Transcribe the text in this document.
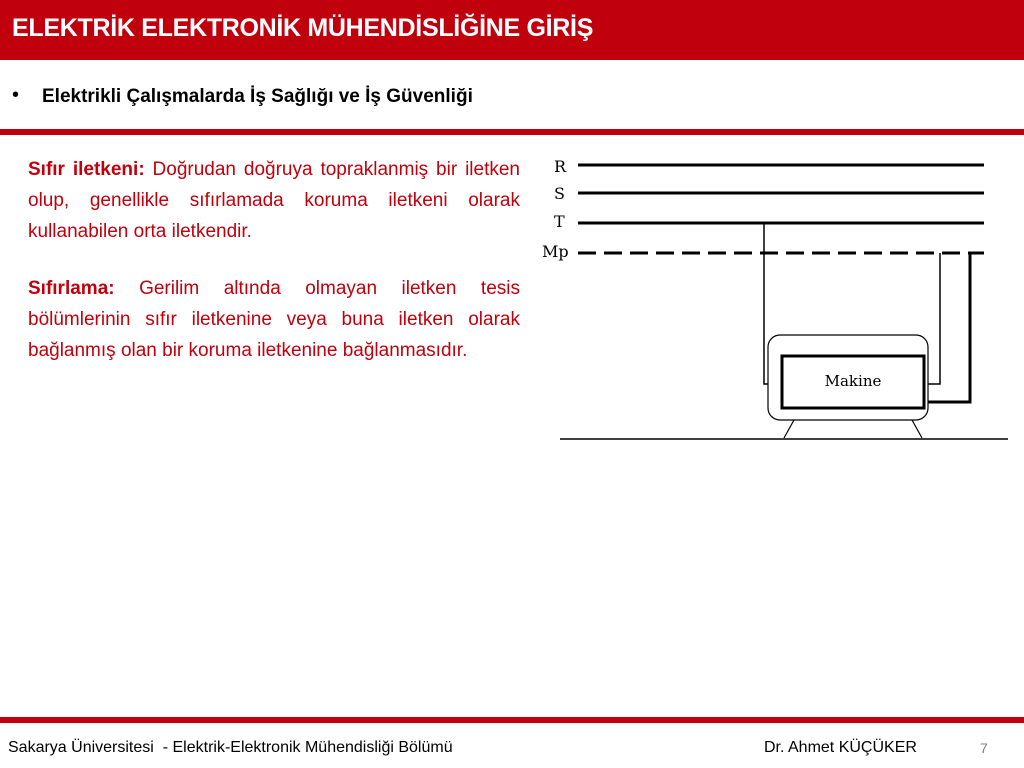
ELEKTRİK ELEKTRONİK MÜHENDİSLİĞİNE GİRİŞ
• Elektrikli Çalışmalarda İş Sağlığı ve İş Güvenliği

Sıfır iletkeni: Doğrudan doğruya topraklanmiş bir iletken olup, genellikle sıfırlamada koruma iletkeni olarak kullanabilen orta iletkendir.

Sıfırlama: Gerilim altında olmayan iletken tesis bölümlerinin sıfır iletkenine veya buna iletken olarak bağlanmış olan bir koruma iletkenine bağlanmasıdır.

R
S
T
Mp
Makine
Sakarya Üniversitesi  - Elektrik-Elektronik Mühendisliği Bölümü	Dr. Ahmet KÜÇÜKER	7
